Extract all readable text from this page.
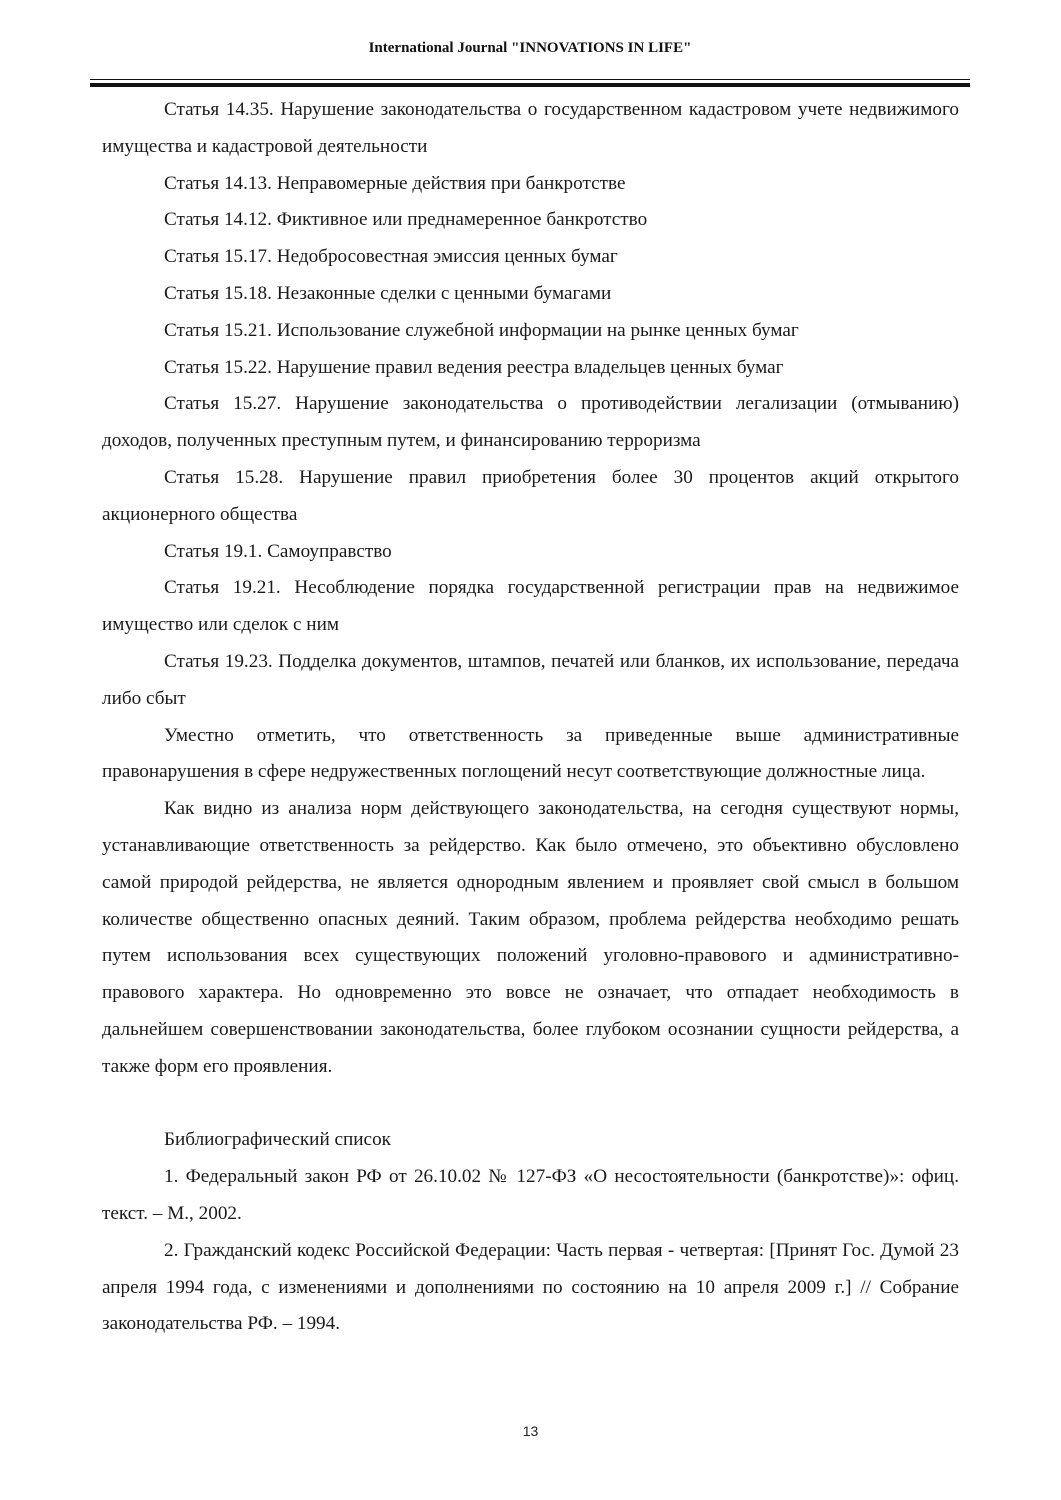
International Journal "INNOVATIONS IN LIFE"

Статья 14.35. Нарушение законодательства о государственном кадастровом учете недвижимого имущества и кадастровой деятельности

Статья 14.13. Неправомерные действия при банкротстве

Статья 14.12. Фиктивное или преднамеренное банкротство

Статья 15.17. Недобросовестная эмиссия ценных бумаг

Статья 15.18. Незаконные сделки с ценными бумагами

Статья 15.21. Использование служебной информации на рынке ценных бумаг

Статья 15.22. Нарушение правил ведения реестра владельцев ценных бумаг

Статья 15.27. Нарушение законодательства о противодействии легализации (отмыванию) доходов, полученных преступным путем, и финансированию терроризма

Статья 15.28. Нарушение правил приобретения более 30 процентов акций открытого акционерного общества

Статья 19.1. Самоуправство

Статья 19.21. Несоблюдение порядка государственной регистрации прав на недвижимое имущество или сделок с ним

Статья 19.23. Подделка документов, штампов, печатей или бланков, их использование, передача либо сбыт

Уместно отметить, что ответственность за приведенные выше административные правонарушения в сфере недружественных поглощений несут соответствующие должностные лица.

Как видно из анализа норм действующего законодательства, на сегодня существуют нормы, устанавливающие ответственность за рейдерство. Как было отмечено, это объективно обусловлено самой природой рейдерства, не является однородным явлением и проявляет свой смысл в большом количестве общественно опасных деяний. Таким образом, проблема рейдерства необходимо решать путем использования всех существующих положений уголовно-правового и административно-правового характера. Но одновременно это вовсе не означает, что отпадает необходимость в дальнейшем совершенствовании законодательства, более глубоком осознании сущности рейдерства, а также форм его проявления.

Библиографический список

1. Федеральный закон РФ от 26.10.02 № 127-ФЗ «О несостоятельности (банкротстве)»: офиц. текст. – М., 2002.

2. Гражданский кодекс Российской Федерации: Часть первая - четвертая: [Принят Гос. Думой 23 апреля 1994 года, с изменениями и дополнениями по состоянию на 10 апреля 2009 г.] // Собрание законодательства РФ. – 1994.

13
